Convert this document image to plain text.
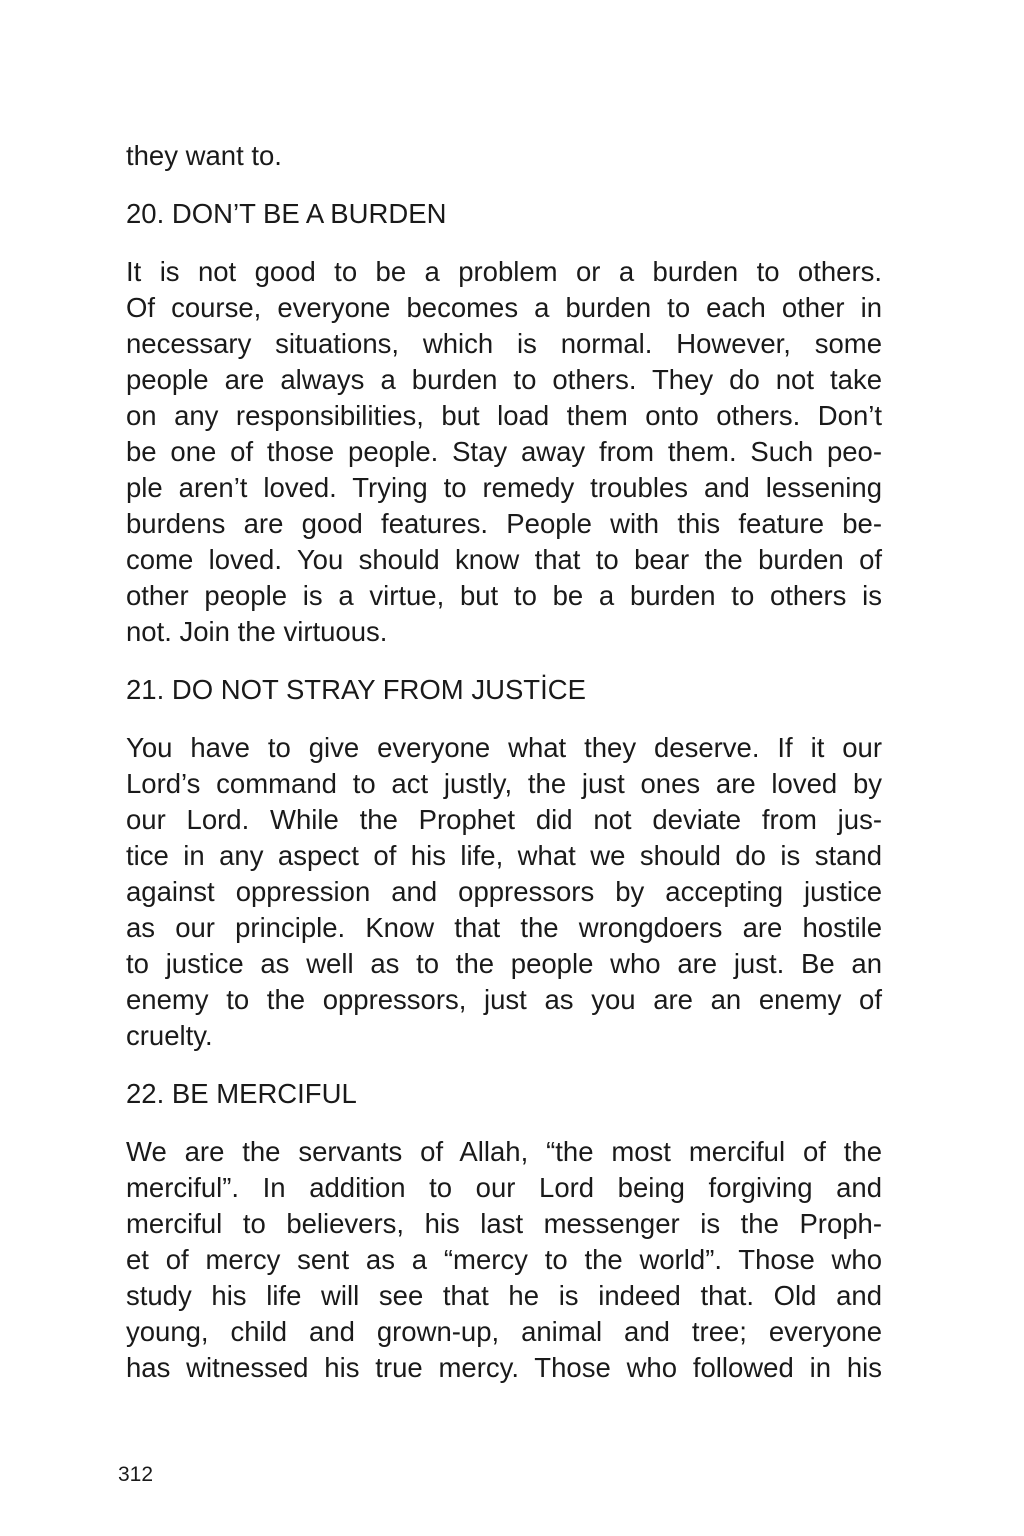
they want to.
20. DON’T BE A BURDEN
It is not good to be a problem or a burden to others.
Of course, everyone becomes a burden to each other in
necessary situations, which is normal. However, some
people are always a burden to others. They do not take
on any responsibilities, but load them onto others. Don’t
be one of those people. Stay away from them. Such peo-
ple aren’t loved. Trying to remedy troubles and lessening
burdens are good features. People with this feature be-
come loved. You should know that to bear the burden of
other people is a virtue, but to be a burden to others is
not. Join the virtuous.
21. DO NOT STRAY FROM JUSTİCE
You have to give everyone what they deserve. If it our
Lord’s command to act justly, the just ones are loved by
our Lord. While the Prophet did not deviate from jus-
tice in any aspect of his life, what we should do is stand
against oppression and oppressors by accepting justice
as our principle. Know that the wrongdoers are hostile
to justice as well as to the people who are just. Be an
enemy to the oppressors, just as you are an enemy of
cruelty.
22. BE MERCIFUL
We are the servants of Allah, “the most merciful of the
merciful”. In addition to our Lord being forgiving and
merciful to believers, his last messenger is the Proph-
et of mercy sent as a “mercy to the world”. Those who
study his life will see that he is indeed that. Old and
young, child and grown-up, animal and tree; everyone
has witnessed his true mercy. Those who followed in his
312
